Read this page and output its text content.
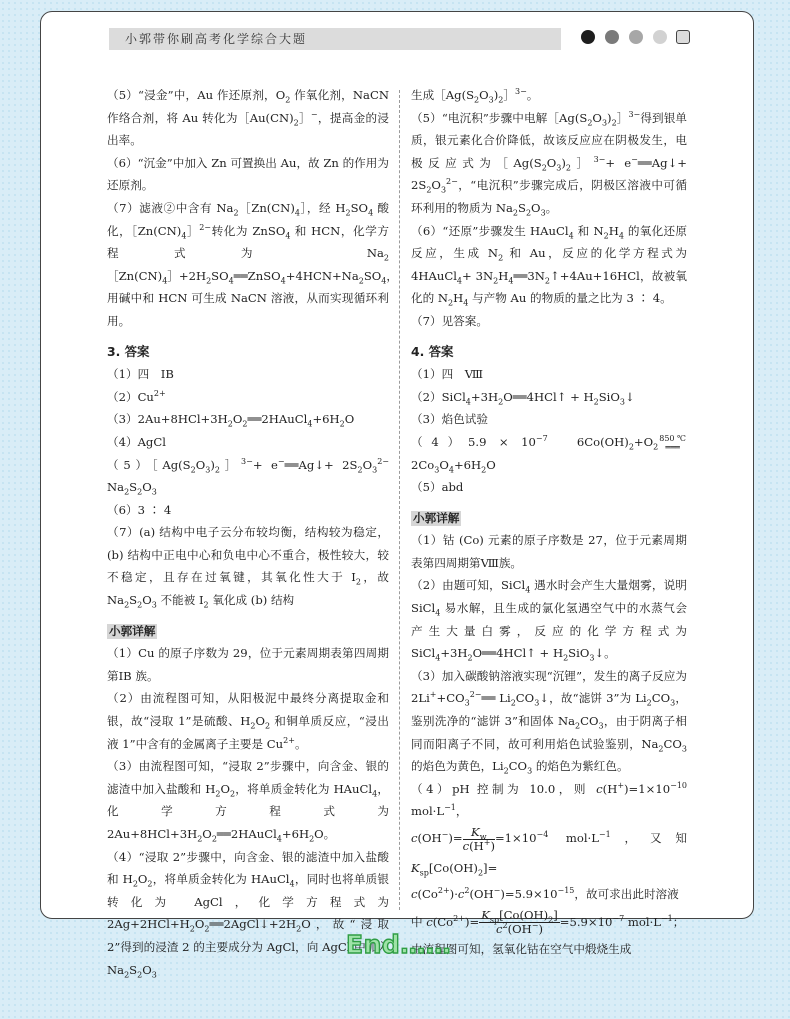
小郭带你刷高考化学综合大题

（5）“浸金”中，Au 作还原剂，$O_2$ 作氧化剂，NaCN 作络合剂，将 Au 转化为$[Au(CN)_2]^-$，提高金的浸出率。

（6）“沉金”中加入 Zn 可置换出 Au，故 Zn 的作用为还原剂。

（7）滤液②中含有 $Na_2[Zn(CN)_4]$，经 $H_2SO_4$ 酸化，$[Zn(CN)_4]^{2-}$转化为 ZnSO$_4$ 和 HCN，化学方程式为 $Na_2[Zn(CN)_4]+2H_2SO_4══ZnSO_4+4HCN+Na_2SO_4$，用碱中和 HCN 可生成 NaCN 溶液，从而实现循环利用。

3. 答案

（1）四　ⅠB

$(2)Cu^{2+}$

$(3)2Au+8HCl+3H_2O_2══2HAuCl_4+6H_2O$

（4）AgCl

$(5)[Ag(S_2O_3)_2]^{3-}+$ e−══Ag↓+ $2S_2O_3^{2-}$　$Na_2S_2O_3$

（6）3 ∶ 4

（7）(a) 结构中电子云分布较均衡，结构较为稳定，(b) 结构中正电中心和负电中心不重合，极性较大，较不稳定，且存在过氧键，其氧化性大于 $I_2$，故 $Na_2S_2O_3$ 不能被 $I_2$ 氧化成 (b) 结构

小郭详解

（1）Cu 的原子序数为 29，位于元素周期表第四周期第ⅠB 族。

（2）由流程图可知，从阳极泥中最终分离提取金和银，故“浸取 1”是硫酸、$H_2O_2$ 和铜单质反应，“浸出液 1”中含有的金属离子主要是 $Cu^{2+}$。

（3）由流程图可知，“浸取 2”步骤中，向含金、银的滤渣中加入盐酸和 $H_2O_2$，将单质金转化为 HAuCl$_4$，化学方程式为 $2Au+8HCl+3H_2O_2══2HAuCl_4+6H_2O$。

（4）“浸取 2”步骤中，向含金、银的滤渣中加入盐酸和 $H_2O_2$，将单质金转化为 HAuCl$_4$，同时也将单质银转化为 AgCl，化学方程式为 $2Ag+2HCl+H_2O_2══2AgCl↓+2H_2O$，故“浸取 2”得到的浸渣 2 的主要成分为 AgCl，向 AgCl 中加入 $Na_2S_2O_3$

生成$[Ag(S_2O_3)_2]^{3-}$。

（5）“电沉积”步骤中电解$[Ag(S_2O_3)_2]^{3-}$得到银单质，银元素化合价降低，故该反应应在阴极发生，电极反应式为$[Ag(S_2O_3)_2]^{3-}+$ e−══Ag↓+ $2S_2O_3^{2-}$，“电沉积”步骤完成后，阴极区溶液中可循环利用的物质为 $Na_2S_2O_3$。

（6）“还原”步骤发生 HAuCl$_4$ 和 $N_2H_4$ 的氧化还原反应，生成 $N_2$ 和 Au，反应的化学方程式为 4HAuCl$_4$+ $3N_2H_4══3N_2↑+4Au+16HCl$，故被氧化的 $N_2H_4$ 与产物 Au 的物质的量之比为 3 ∶ 4。

（7）见答案。

4. 答案

（1）四　Ⅷ

$(2)SiCl_4+3H_2O══4HCl↑$ + $H_2SiO_3↓$

（3）焰色试验

$(4)5.9 \times 10^{-7}$　$6Co(OH)_2+O_2$
850 ℃
═══
$2Co_3O_4+6H_2O$

（5）abd

小郭详解

（1）钴 (Co) 元素的原子序数是 27，位于元素周期表第四周期第Ⅷ族。

（2）由题可知，SiCl$_4$ 遇水时会产生大量烟雾，说明 SiCl$_4$ 易水解，且生成的氯化氢遇空气中的水蒸气会产生大量白雾，反应的化学方程式为 $SiCl_4+3H_2O══4HCl↑$ + $H_2SiO_3↓$。

（3）加入碳酸钠溶液实现“沉锂”，发生的离子反应为 $2Li^++CO_3^{2-}══$ $Li_2CO_3↓$，故“滤饼 3”为 $Li_2CO_3$，鉴别洗净的“滤饼 3”和固体 $Na_2CO_3$，由于阴离子相同而阳离子不同，故可利用焰色试验鉴别，$Na_2CO_3$ 的焰色为黄色，$Li_2CO_3$ 的焰色为紫红色。

（4）pH 控制为 10.0，则 $c(H^+)=1\times 10^{-10}$ $mol\cdot L^{-1}$，

$c(OH^-)= \frac{K_w}{c(H^+)} =1\times 10^{-4}$ $mol\cdot L^{-1}$，又知 $K_{sp}[Co(OH)_2]=$

$c(Co^{2+})\cdot c^2(OH^-)=5.9\times 10^{-15}$，故可求出此时溶液

中 $c(Co^{2+})= \frac{K_{sp}[Co(OH)_2]}{c^2(OH^-)} =5.9\times 10^{-7}$ $mol\cdot L^{-1}$；

由流程图可知，氢氧化钴在空气中煅烧生成

End……
